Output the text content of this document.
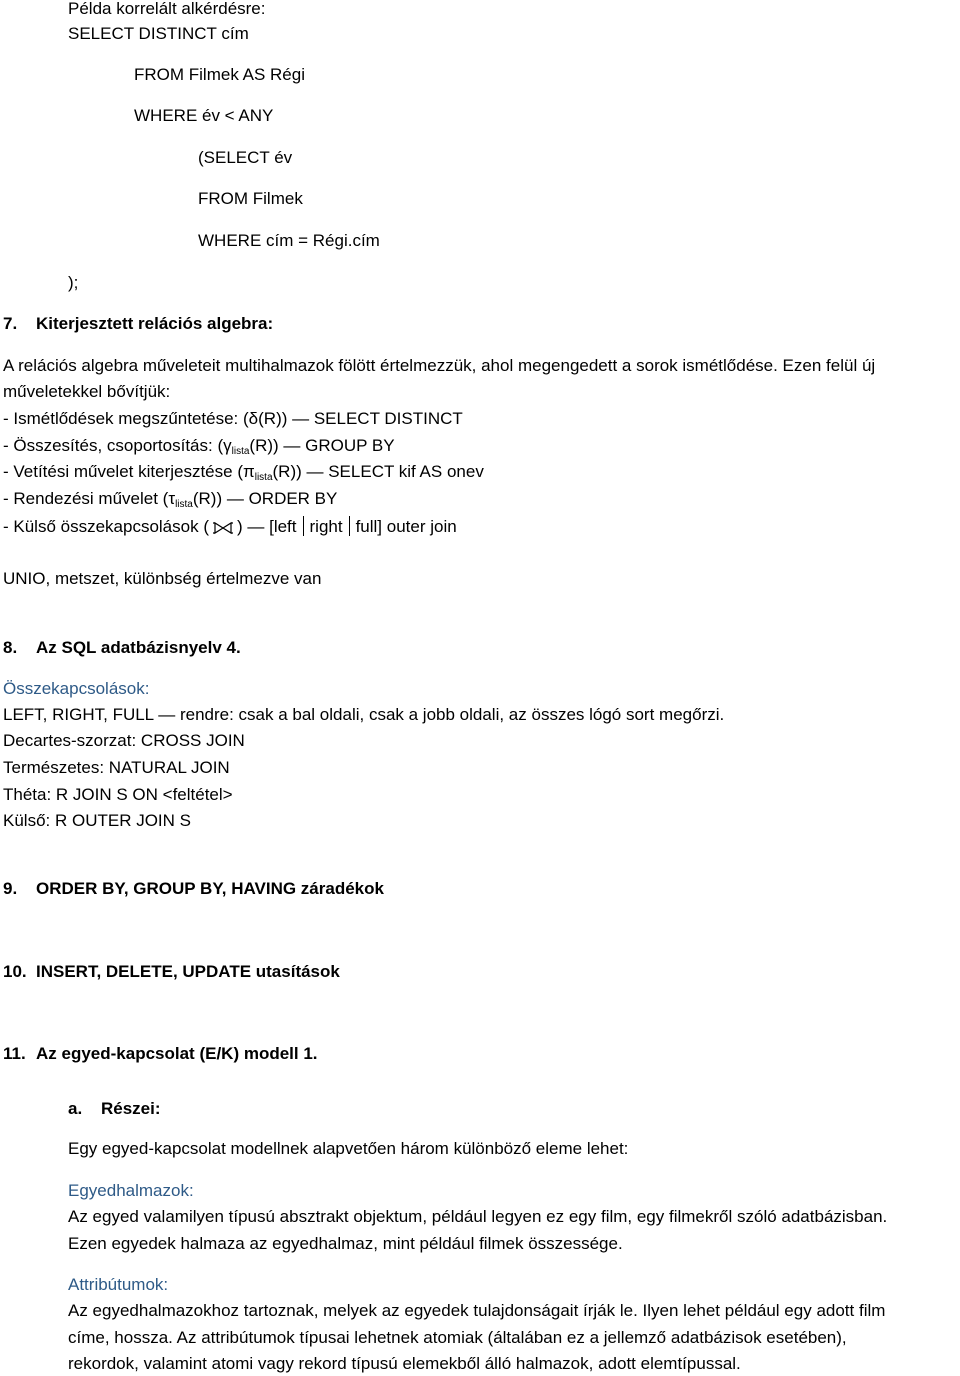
Példa korrelált alkérdésre:
SELECT DISTINCT cím
FROM Filmek AS Régi
WHERE év < ANY
(SELECT év
FROM Filmek
WHERE cím = Régi.cím
);
7. Kiterjesztett relációs algebra:
A relációs algebra műveleteit multihalmazok fölött értelmezzük, ahol megengedett a sorok ismétlődése. Ezen felül új
műveletekkel bővítjük:
- Ismétlődések megszűntetése: (δ(R)) — SELECT DISTINCT
- Összesítés, csoportosítás: $(\gamma_{lista}(R))$ — GROUP BY
- Vetítési művelet kiterjesztése $(\pi_{lista}(R))$ — SELECT kif AS onev
- Rendezési művelet $(\tau_{lista}(R))$ — ORDER BY
- Külső összekapcsolások ( ) — [left right full] outer join
UNIO, metszet, különbség értelmezve van
8. Az SQL adatbázisnyelv 4.
Összekapcsolások:
LEFT, RIGHT, FULL — rendre: csak a bal oldali, csak a jobb oldali, az összes lógó sort megőrzi.
Decartes-szorzat: CROSS JOIN
Természetes: NATURAL JOIN
Théta: R JOIN S ON <feltétel>
Külső: R OUTER JOIN S
9. ORDER BY, GROUP BY, HAVING záradékok
10. INSERT, DELETE, UPDATE utasítások
11. Az egyed-kapcsolat (E/K) modell 1.
a. Részei:
Egy egyed-kapcsolat modellnek alapvetően három különböző eleme lehet:
Egyedhalmazok:
Az egyed valamilyen típusú absztrakt objektum, például legyen ez egy film, egy filmekről szóló adatbázisban.
Ezen egyedek halmaza az egyedhalmaz, mint például filmek összessége.
Attribútumok:
Az egyedhalmazokhoz tartoznak, melyek az egyedek tulajdonságait írják le. Ilyen lehet például egy adott film
címe, hossza. Az attribútumok típusai lehetnek atomiak (általában ez a jellemző adatbázisok esetében),
rekordok, valamint atomi vagy rekord típusú elemekből álló halmazok, adott elemtípussal.
